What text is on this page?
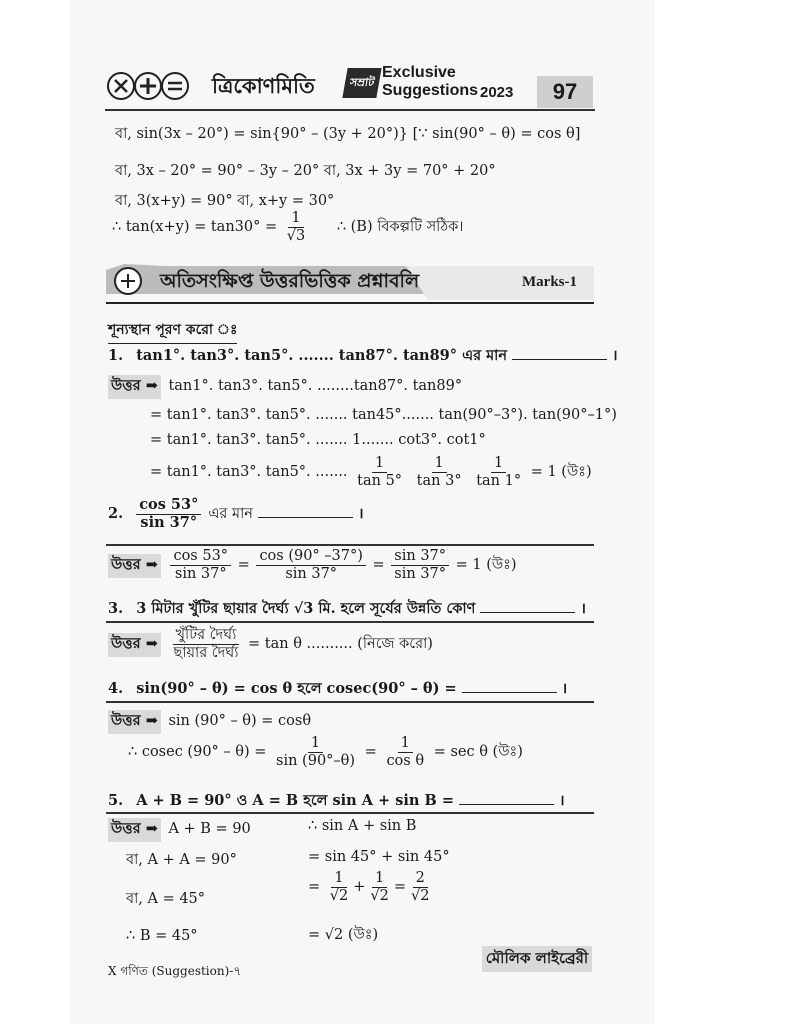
ত্রিকোণমিতি	সম্রাট
Exclusive
Suggestions 2023	97
বা, sin(3x – 20°) = sin{90° – (3y + 20°)} [∵ sin(90° – θ) = cos θ]
বা, 3x – 20° = 90° – 3y – 20° বা, 3x + 3y = 70° + 20°
বা, 3(x+y) = 90° বা, x+y = 30°
∴ $\tan(x+y) = \tan 30^\circ = \frac{1}{√3}$ ∴ (B) বিকল্পটি সঠিক।
অতিসংক্ষিপ্ত উত্তরভিত্তিক প্রশ্নাবলি	Marks-1
শূন্যস্থান পূরণ করো ঃ
1. tan1°. tan3°. tan5°. ....... tan87°. tan89° এর মান	।
উত্তর ➡ tan1°. tan3°. tan5°. ........tan87°. tan89°
= tan1°. tan3°. tan5°. ....... tan45°....... tan(90°–3°). tan(90°–1°)
= tan1°. tan3°. tan5°. ....... 1....... cot3°. cot1°
= tan1°. tan3°. tan5°. ....... $\frac{1}{\tan 5^\circ}$
$\frac{1}{\tan 3^\circ}$
$\frac{1}{\tan 1^\circ} = 1$ (উঃ)
2. $\frac{\cos 53^\circ}{\sin 37^\circ}$ এর মান	।
উত্তর ➡ $\frac{\cos 53^\circ}{\sin 37^\circ} = \frac{\cos (90^\circ -37^\circ)}{\sin 37^\circ} = \frac{\sin 37^\circ}{\sin 37^\circ} = 1$ (উঃ)
3. 3 মিটার খুঁটির ছায়ার দৈর্ঘ্য √3 মি. হলে সূর্যের উন্নতি কোণ	।
উত্তর ➡ $\frac{\text{খুঁটির দৈর্ঘ্য}}{\text{ছায়ার দৈর্ঘ্য}} = \tan \theta$ .......... (নিজে করো)
4. sin(90° – θ) = cos θ হলে cosec(90° – θ) =	।
উত্তর ➡ sin (90° – θ) = cosθ
∴ cosec $(90^\circ - \theta) = \frac{1}{\sin (90^\circ-\theta)} = \frac{1}{\text{cos θ}} = \sec \theta$ (উঃ)
5. A + B = 90° ও A = B হলে sin A + sin B =	।
উত্তর ➡ A + B = 90
বা, A + A = 90°
বা, A = 45°
∴ B = 45°
∴ sin A + sin B
= sin 45° + sin 45°
= $\frac{1}{√2} + \frac{1}{√2} = \frac{2}{√2}$
= √2 (উঃ)
X গণিত (Suggestion)-৭
মৌলিক লাইব্রেরী
